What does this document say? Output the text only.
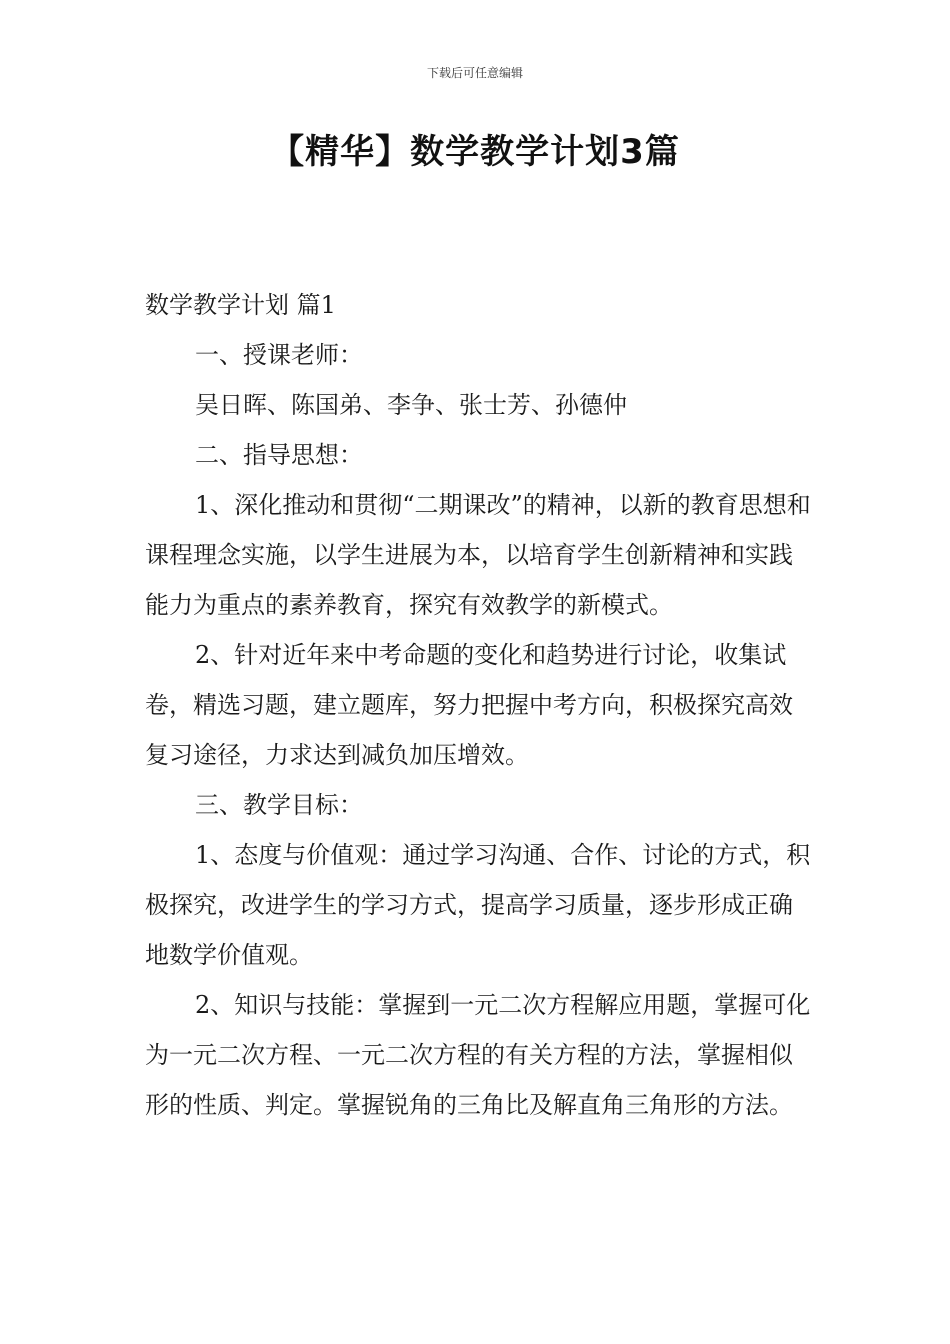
下载后可任意编辑
【精华】数学教学计划3篇

数学教学计划 篇1

一、授课老师：

吴日晖、陈国弟、李争、张士芳、孙德仲

二、指导思想：

1、深化推动和贯彻“二期课改”的精神，以新的教育思想和课程理念实施，以学生进展为本，以培育学生创新精神和实践能力为重点的素养教育，探究有效教学的新模式。

2、针对近年来中考命题的变化和趋势进行讨论，收集试卷，精选习题，建立题库，努力把握中考方向，积极探究高效复习途径，力求达到减负加压增效。

三、教学目标：

1、态度与价值观：通过学习沟通、合作、讨论的方式，积极探究，改进学生的学习方式，提高学习质量，逐步形成正确地数学价值观。

2、知识与技能：掌握到一元二次方程解应用题，掌握可化为一元二次方程、一元二次方程的有关方程的方法，掌握相似形的性质、判定。掌握锐角的三角比及解直角三角形的方法。
